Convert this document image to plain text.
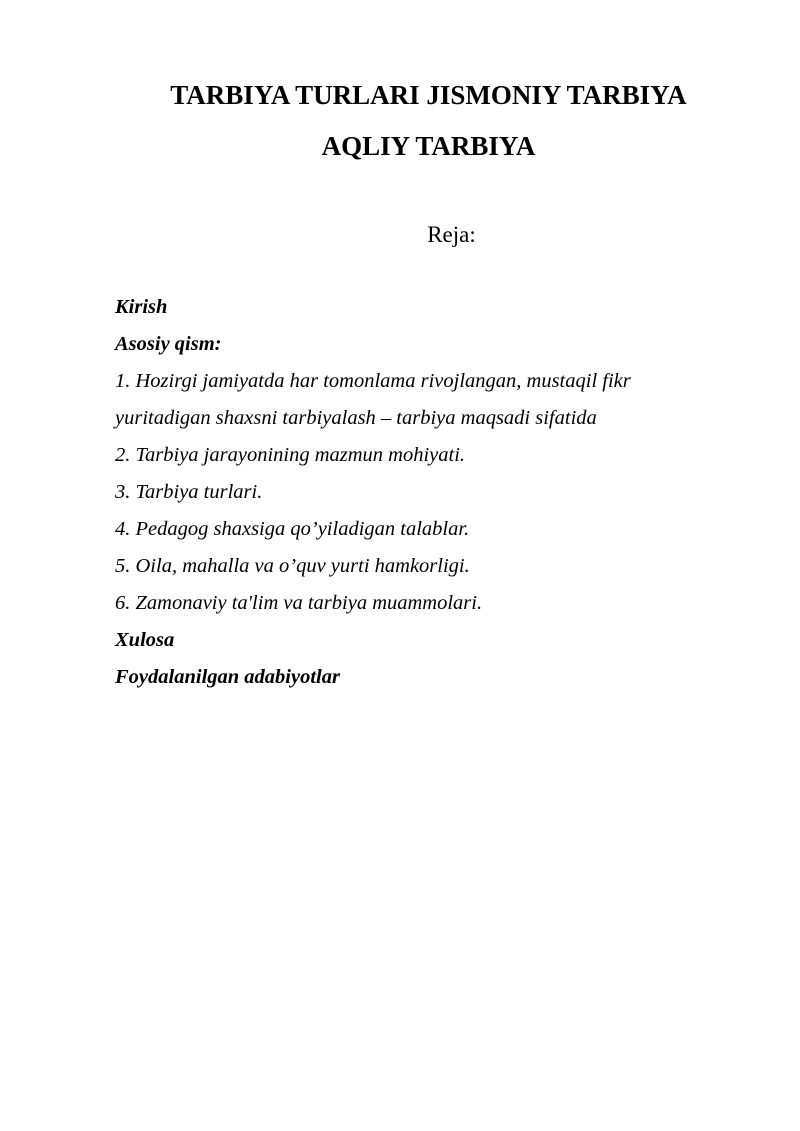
TARBIYA TURLARI JISMONIY TARBIYA
AQLIY TARBIYA

Reja:

Kirish
Asosiy qism:
1. Hozirgi jamiyatda har tomonlama rivojlangan, mustaqil fikr
yuritadigan shaxsni tarbiyalash – tarbiya maqsadi sifatida
2. Tarbiya jarayonining mazmun mohiyati.
3. Tarbiya turlari.
4. Pedagog shaxsiga qo’yiladigan talablar.
5. Oila, mahalla va o’quv yurti hamkorligi.
6. Zamonaviy ta'lim va tarbiya muammolari.
Xulosa
Foydalanilgan adabiyotlar
